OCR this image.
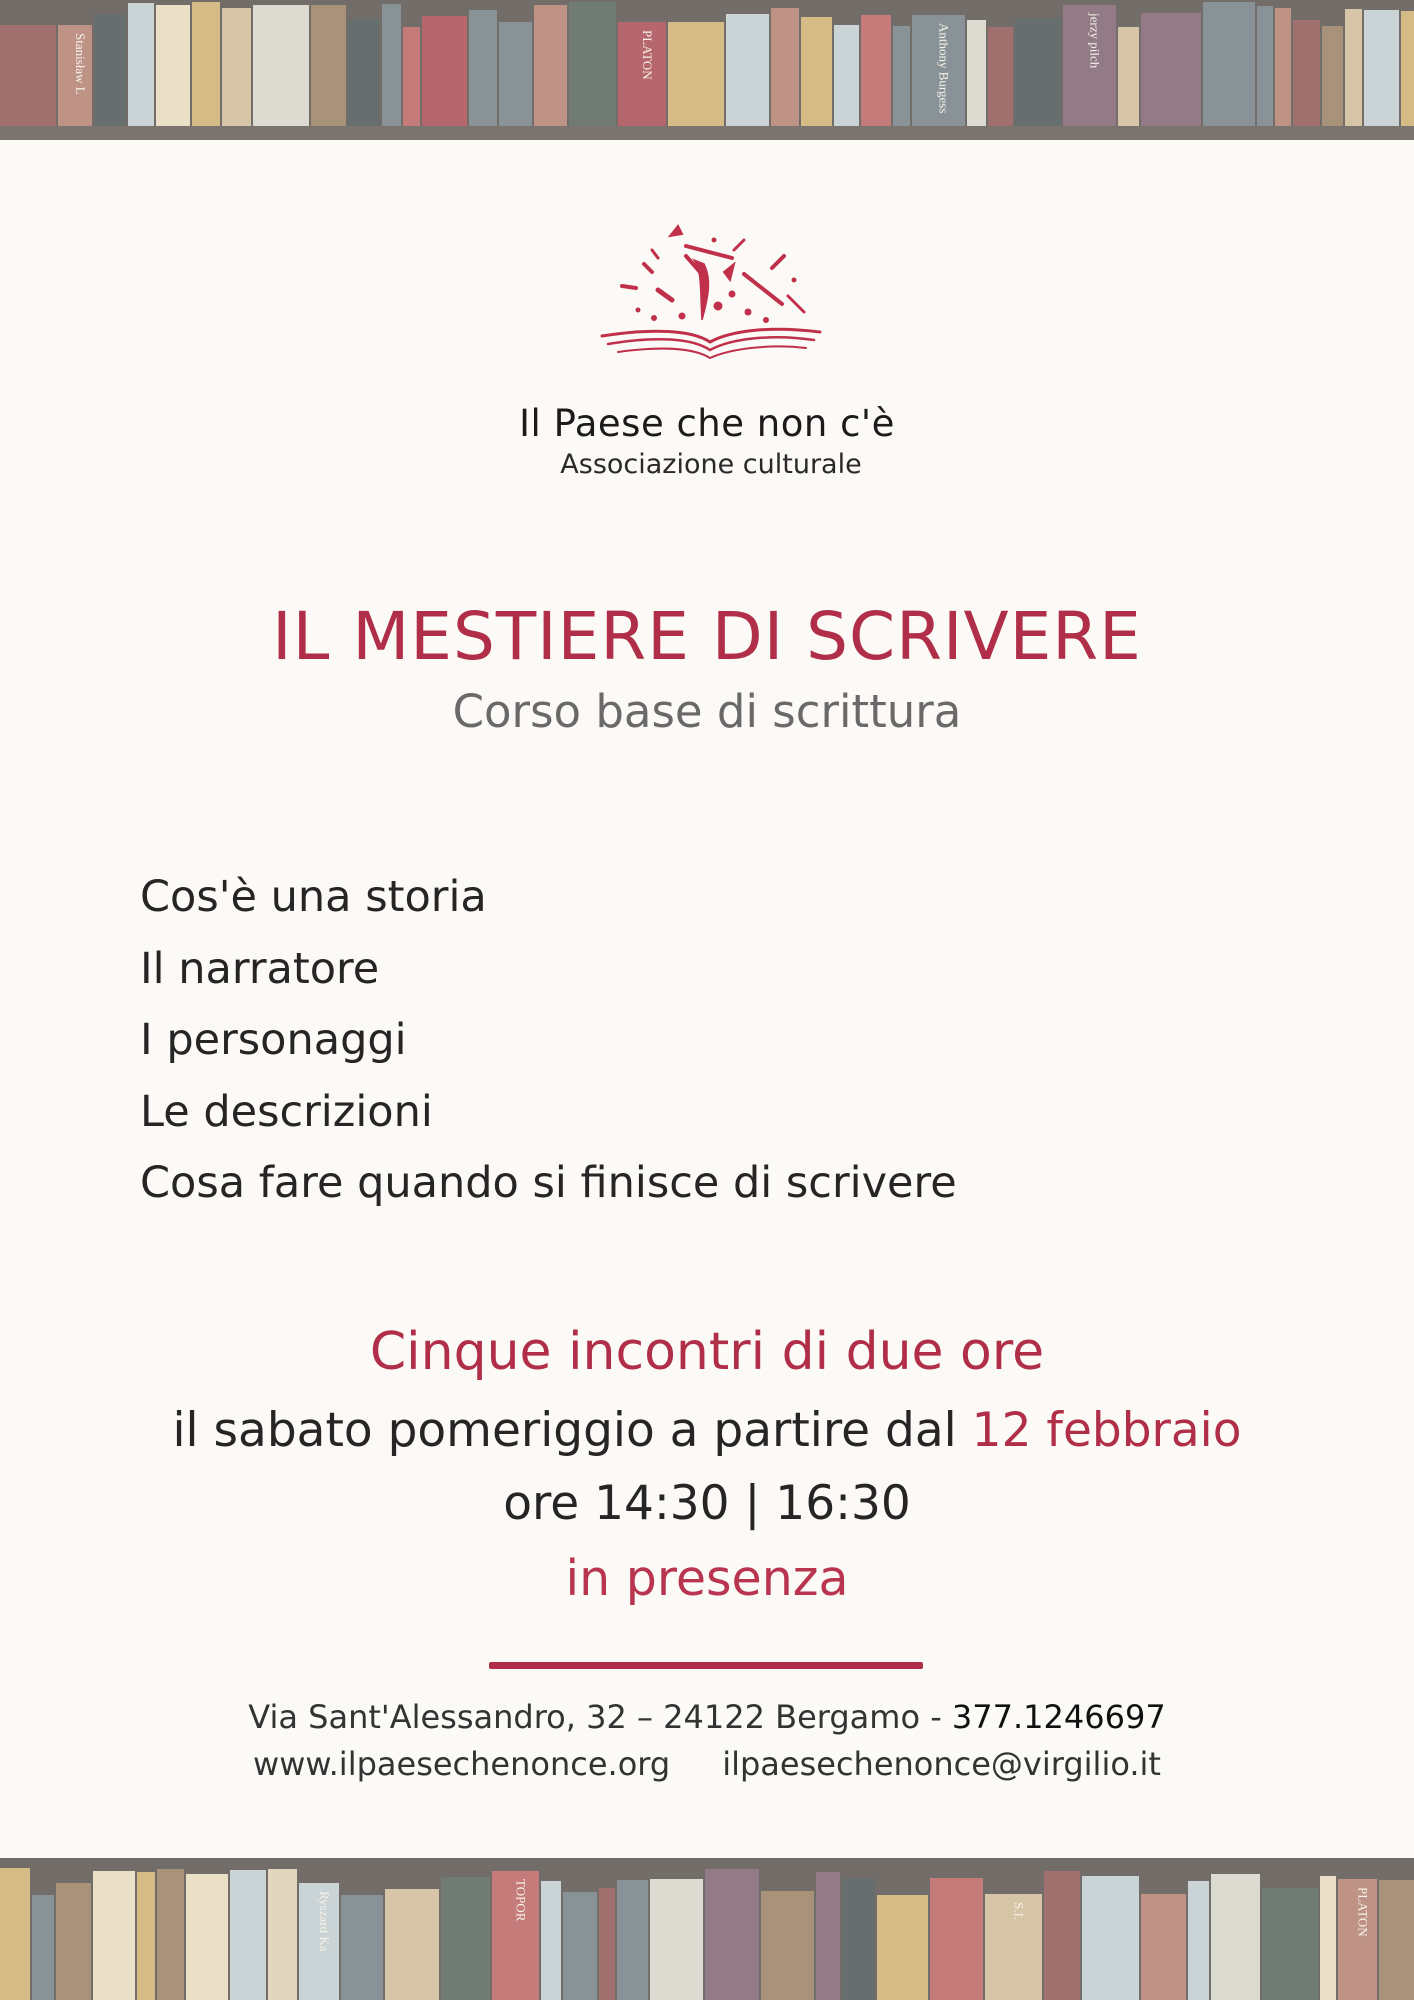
Stanisław L	PLATON	Anthony Burgess	jerzy pilch
Il Paese che non c'è
Associazione culturale
IL MESTIERE DI SCRIVERE
Corso base di scrittura
Cos'è una storia
Il narratore
I personaggi
Le descrizioni
Cosa fare quando si finisce di scrivere
Cinque incontri di due ore
il sabato pomeriggio a partire dal 12 febbraio
ore 14:30 | 16:30
in presenza
Via Sant'Alessandro, 32 – 24122 Bergamo - 377.1246697
www.ilpaesechenonce.org ilpaesechenonce@virgilio.it
Ryszard Ka	TOPOR	S.I.	PLATON
